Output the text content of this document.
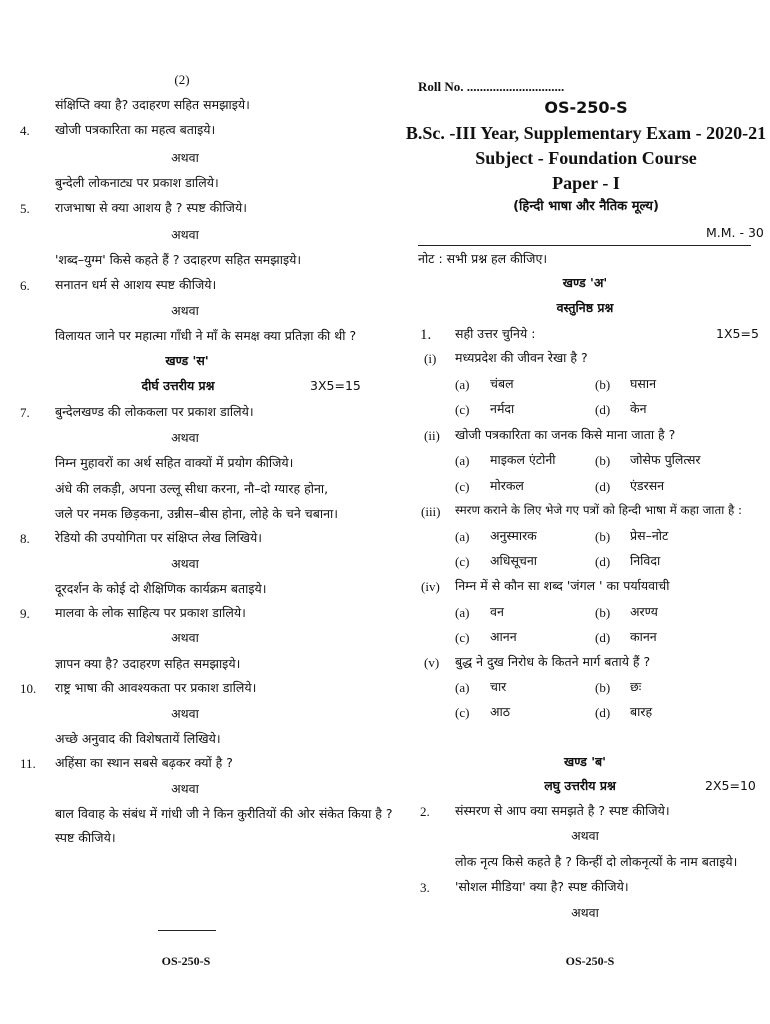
(2)
संक्षिप्ति क्या है? उदाहरण सहित समझाइये।
4. खोजी पत्रकारिता का महत्व बताइये।
अथवा
बुन्देली लोकनाट्य पर प्रकाश डालिये।
5. राजभाषा से क्या आशय है ? स्पष्ट कीजिये।
अथवा
'शब्द–युग्म' किसे कहते हैं ? उदाहरण सहित समझाइये।
6. सनातन धर्म से आशय स्पष्ट कीजिये।
अथवा
विलायत जाने पर महात्मा गाँधी ने माँ के समक्ष क्या प्रतिज्ञा की थी ?
खण्ड 'स'
दीर्घ उत्तरीय प्रश्न	3X5=15
7. बुन्देलखण्ड की लोककला पर प्रकाश डालिये।
अथवा
निम्न मुहावरों का अर्थ सहित वाक्यों में प्रयोग कीजिये।
अंधे की लकड़ी, अपना उल्लू सीधा करना, नौ–दो ग्यारह होना,
जले पर नमक छिड़कना, उन्नीस–बीस होना, लोहे के चने चबाना।
8. रेडियो की उपयोगिता पर संक्षिप्त लेख लिखिये।
अथवा
दूरदर्शन के कोई दो शैक्षिणिक कार्यक्रम बताइये।
9. मालवा के लोक साहित्य पर प्रकाश डालिये।
अथवा
ज्ञापन क्या है? उदाहरण सहित समझाइये।
10. राष्ट्र भाषा की आवश्यकता पर प्रकाश डालिये।
अथवा
अच्छे अनुवाद की विशेषतायें लिखिये।
11. अहिंसा का स्थान सबसे बढ़कर क्यों है ?
अथवा
बाल विवाह के संबंध में गांधी जी ने किन कुरीतियों की ओर संकेत किया है ?
स्पष्ट कीजिये।
OS-250-S
Roll No. ..............................
OS-250-S
B.Sc. -III Year, Supplementary Exam - 2020-21
Subject - Foundation Course
Paper - I
(हिन्दी भाषा और नैतिक मूल्य)
M.M. - 30
नोट : सभी प्रश्न हल कीजिए।
खण्ड 'अ'
वस्तुनिष्ठ प्रश्न
1. सही उत्तर चुनिये :	1X5=5
(i) मध्यप्रदेश की जीवन रेखा है ?
(a) चंबल	(b) घसान
(c) नर्मदा	(d) केन
(ii) खोजी पत्रकारिता का जनक किसे माना जाता है ?
(a) माइकल एंटोनी	(b) जोसेफ पुलित्सर
(c) मोरकल	(d) एंडरसन
(iii) स्मरण कराने के लिए भेजे गए पत्रों को हिन्दी भाषा में कहा जाता है :
(a) अनुस्मारक	(b) प्रेस–नोट
(c) अधिसूचना	(d) निविदा
(iv) निम्न में से कौन सा शब्द 'जंगल ' का पर्यायवाची
(a) वन	(b) अरण्य
(c) आनन	(d) कानन
(v) बुद्ध ने दुख निरोध के कितने मार्ग बताये हैं ?
(a) चार	(b) छः
(c) आठ	(d) बारह
खण्ड 'ब'
लघु उत्तरीय प्रश्न	2X5=10
2. संस्मरण से आप क्या समझते है ? स्पष्ट कीजिये।
अथवा
लोक नृत्य किसे कहते है ? किन्हीं दो लोकनृत्यों के नाम बताइये।
3. 'सोशल मीडिया' क्या है? स्पष्ट कीजिये।
अथवा
OS-250-S
